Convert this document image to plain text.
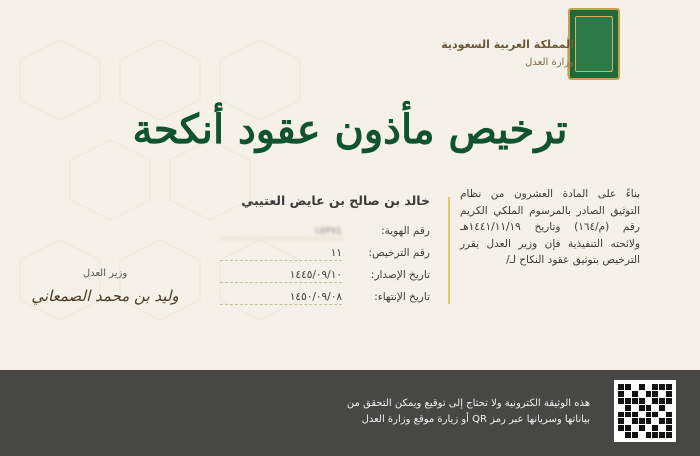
المملكة العربية السعودية
وزارة العدل
ترخيص مأذون عقود أنكحة
بناءً على المادة العشرون من نظام التوثيق الصادر بالمرسوم الملكي الكريم رقم (م/١٦٤) وتاريخ ١٤٤١/١١/١٩هـ ولائحته التنفيذية فإن وزير العدل يقرر الترخيص بتوثيق عقود النكاح لـ/
خالد بن صالح بن عايض العتيبي
رقم الهوية:
١٥٣٧٤
رقم الترخيص:
١١
تاريخ الإصدار:
١٤٤٥/٠٩/١٠
تاريخ الإنتهاء:
١٤٥٠/٠٩/٠٨
وزير العدل
وليد بن محمد الصمعاني
هذه الوثيقة الكترونية ولا تحتاج إلى توقيع ويمكن التحقق من بياناتها وسريانها عبر رمز QR أو زيارة موقع وزارة العدل
